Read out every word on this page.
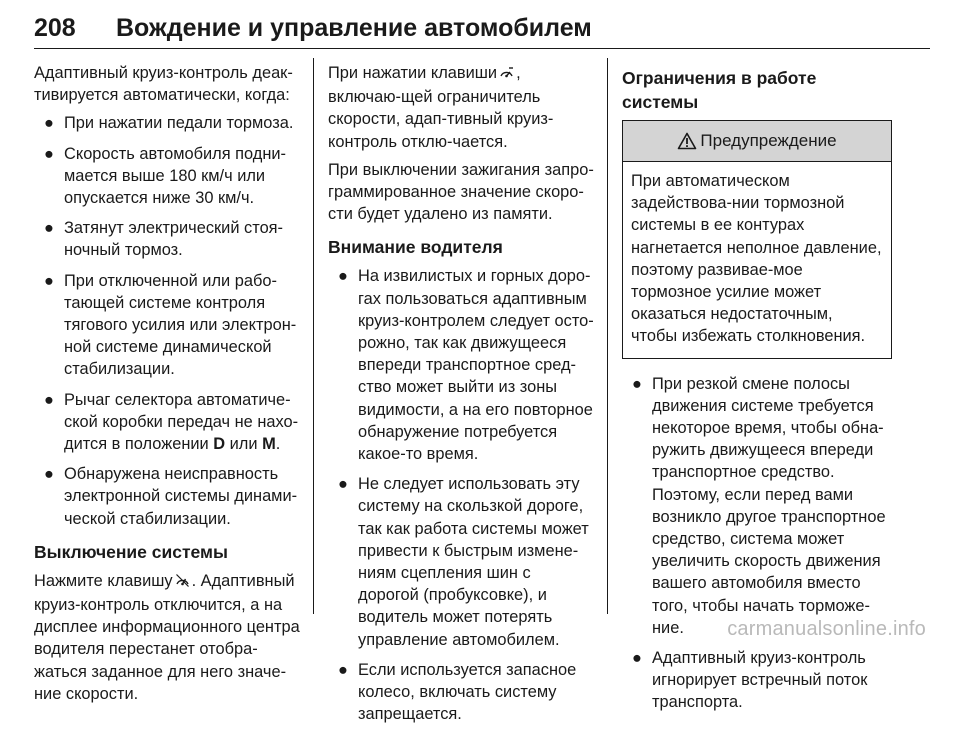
208 Вождение и управление автомобилем

Адаптивный круиз-контроль деак-тивируется автоматически, когда:

● При нажатии педали тормоза.
● Скорость автомобиля подни-мается выше 180 км/ч или опускается ниже 30 км/ч.
● Затянут электрический стоя-ночный тормоз.
● При отключенной или рабо-тающей системе контроля тягового усилия или электрон-ной системе динамической стабилизации.
● Рычаг селектора автоматиче-ской коробки передач не нахо-дится в положении D или M.
● Обнаружена неисправность электронной системы динами-ческой стабилизации.
Выключение системы

Нажмите клавишу . Адаптивный круиз-контроль отключится, а на дисплее информационного центра водителя перестанет отобра-жаться заданное для него значе-ние скорости.

При нажатии клавиши , включаю-щей ограничитель скорости, адап-тивный круиз-контроль отклю-чается.

При выключении зажигания запро-граммированное значение скоро-сти будет удалено из памяти.

Внимание водителя
● На извилистых и горных доро-гах пользоваться адаптивным круиз-контролем следует осто-рожно, так как движущееся впереди транспортное сред-ство может выйти из зоны видимости, а на его повторное обнаружение потребуется какое-то время.
● Не следует использовать эту систему на скользкой дороге, так как работа системы может привести к быстрым измене-ниям сцепления шин с дорогой (пробуксовке), и водитель может потерять управление автомобилем.
● Если используется запасное колесо, включать систему запрещается.
Ограничения в работе системы
Предупреждение
При автоматическом задействова-нии тормозной системы в ее контурах нагнетается неполное давление, поэтому развивае-мое тормозное усилие может оказаться недостаточным, чтобы избежать столкновения.
● При резкой смене полосы движения системе требуется некоторое время, чтобы обна-ружить движущееся впереди транспортное средство. Поэтому, если перед вами возникло другое транспортное средство, система может увеличить скорость движения вашего автомобиля вместо того, чтобы начать торможе-ние.
● Адаптивный круиз-контроль игнорирует встречный поток транспорта.
carmanualsonline.info
